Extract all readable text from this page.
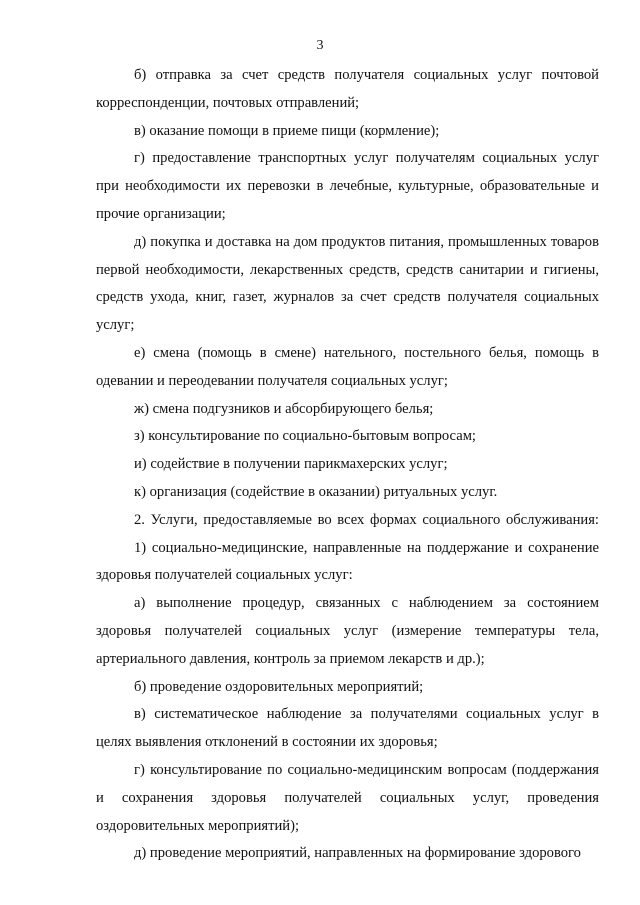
3

б) отправка за счет средств получателя социальных услуг почтовой корреспонденции, почтовых отправлений;

в) оказание помощи в приеме пищи (кормление);

г) предоставление транспортных услуг получателям социальных услуг при необходимости их перевозки в лечебные, культурные, образовательные и прочие организации;

д) покупка и доставка на дом продуктов питания, промышленных товаров первой необходимости, лекарственных средств, средств санитарии и гигиены, средств ухода, книг, газет, журналов за счет средств получателя социальных услуг;

е) смена (помощь в смене) нательного, постельного белья, помощь в одевании и переодевании получателя социальных услуг;

ж) смена подгузников и абсорбирующего белья;

з) консультирование по социально-бытовым вопросам;

и) содействие в получении парикмахерских услуг;

к) организация (содействие в оказании) ритуальных услуг.

2. Услуги, предоставляемые во всех формах социального обслуживания:

1) социально-медицинские, направленные на поддержание и сохранение здоровья получателей социальных услуг:

а) выполнение процедур, связанных с наблюдением за состоянием здоровья получателей социальных услуг (измерение температуры тела, артериального давления, контроль за приемом лекарств и др.);

б) проведение оздоровительных мероприятий;

в) систематическое наблюдение за получателями социальных услуг в целях выявления отклонений в состоянии их здоровья;

г) консультирование по социально-медицинским вопросам (поддержания и сохранения здоровья получателей социальных услуг, проведения оздоровительных мероприятий);

д) проведение мероприятий, направленных на формирование здорового
